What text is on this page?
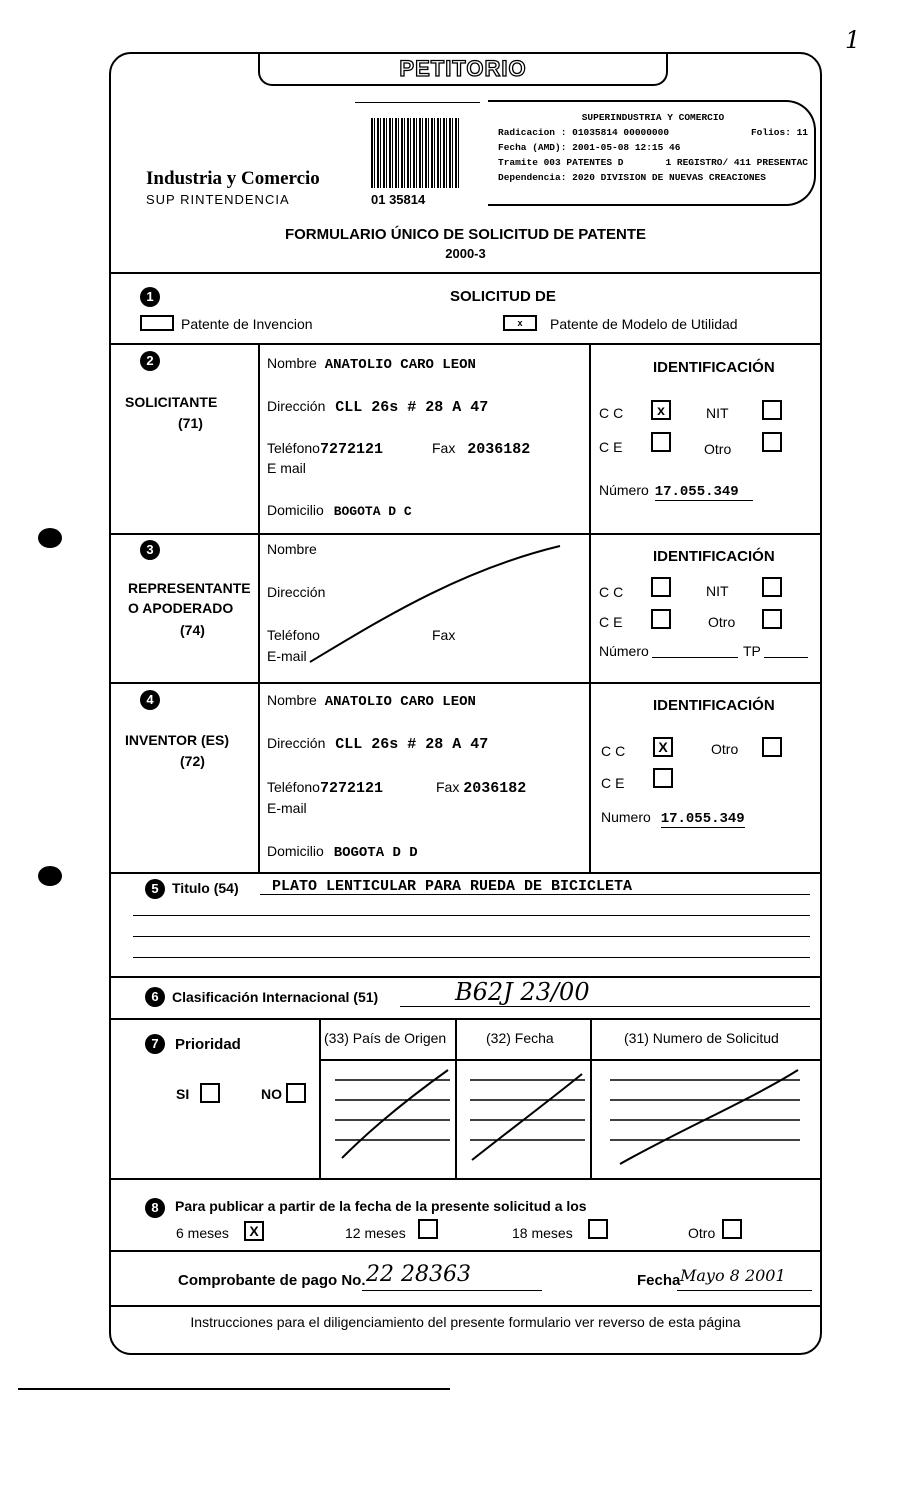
1
PETITORIO
Industria y Comercio
SUP RINTENDENCIA	01 35814
SUPERINDUSTRIA Y COMERCIO
Radicacion : 01035814 00000000	Folios: 11
Fecha (AMD): 2001-05-08 12:15 46
Tramite 003 PATENTES D	1 REGISTRO/ 411 PRESENTAC
Dependencia: 2020 DIVISION DE NUEVAS CREACIONES
FORMULARIO ÚNICO DE SOLICITUD DE PATENTE
2000-3
1	SOLICITUD DE
Patente de Invencion	x	Patente de Modelo de Utilidad
2
SOLICITANTE
(71)
Nombre ANATOLIO CARO LEON
Dirección CLL 26s # 28 A 47
Teléfono7272121	Fax 2036182
E mail
Domicilio BOGOTA D C
IDENTIFICACIÓN
CC	x	NIT
CE	Otro
Número 17.055.349
3
REPRESENTANTE
O APODERADO
(74)
Nombre
Dirección
Teléfono	Fax
E-mail
IDENTIFICACIÓN
CC	NIT
CE	Otro
Número	TP
4
INVENTOR (ES)
(72)
Nombre ANATOLIO CARO LEON
Dirección CLL 26s # 28 A 47
Teléfono7272121	Fax 2036182
E-mail
Domicilio BOGOTA D D
IDENTIFICACIÓN
CC	X	Otro
CE
Numero 17.055.349
5 Titulo (54) PLATO LENTICULAR PARA RUEDA DE BICICLETA
6 Clasificación Internacional (51)	B62J 23/00
7	Prioridad	(33) País de Origen	(32) Fecha	(31) Numero de Solicitud
SI	NO
8	Para publicar a partir de la fecha de la presente solicitud a los
6 meses	X	12 meses	18 meses	Otro
Comprobante de pago No. 22 28363	Fecha Mayo 8 2001
Instrucciones para el diligenciamiento del presente formulario ver reverso de esta página
